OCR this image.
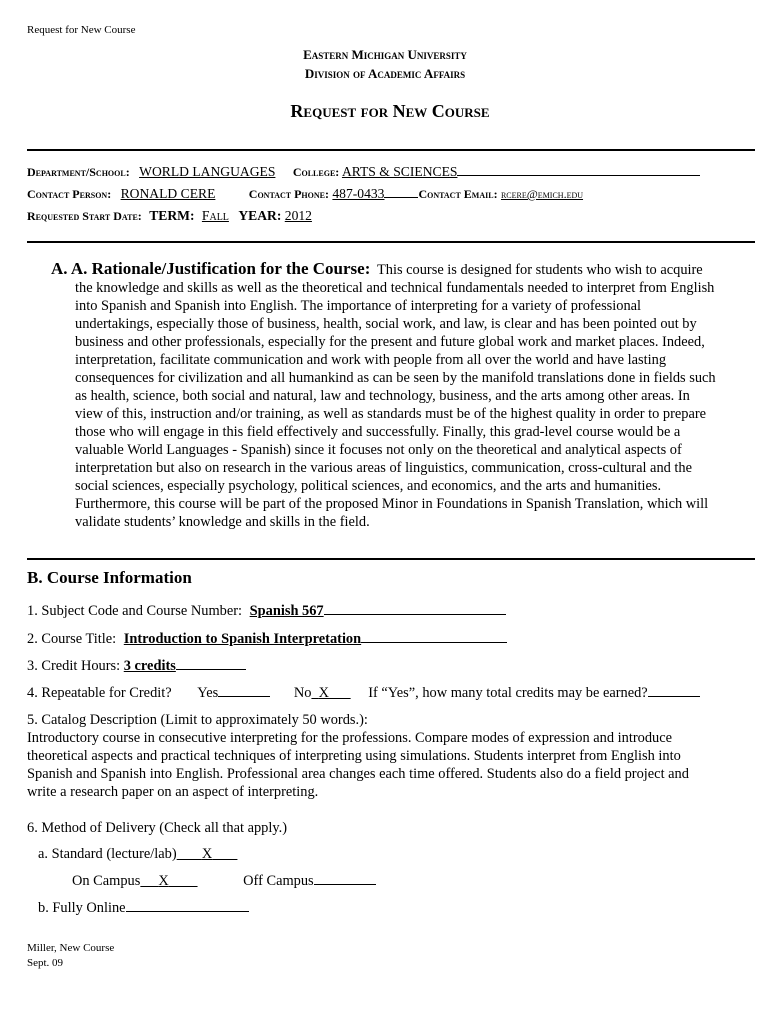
Request for New Course
Eastern Michigan University
Division of Academic Affairs
Request for New Course
Department/School: WORLD LANGUAGES College: ARTS & SCIENCES
Contact Person: RONALD CERE	Contact Phone: 487-0433	Contact Email: rcere@emich.edu
Requested Start Date: TERM: Fall YEAR: 2012
A. A. Rationale/Justification for the Course: This course is designed for students who wish to acquire
the knowledge and skills as well as the theoretical and technical fundamentals needed to interpret from English
into Spanish and Spanish into English. The importance of interpreting for a variety of professional
undertakings, especially those of business, health, social work, and law, is clear and has been pointed out by
business and other professionals, especially for the present and future global work and market places. Indeed,
interpretation, facilitate communication and work with people from all over the world and have lasting
consequences for civilization and all humankind as can be seen by the manifold translations done in fields such
as health, science, both social and natural, law and technology, business, and the arts among other areas. In
view of this, instruction and/or training, as well as standards must be of the highest quality in order to prepare
those who will engage in this field effectively and successfully. Finally, this grad-level course would be a
valuable World Languages - Spanish) since it focuses not only on the theoretical and analytical aspects of
interpretation but also on research in the various areas of linguistics, communication, cross-cultural and the
social sciences, especially psychology, political sciences, and economics, and the arts and humanities.
Furthermore, this course will be part of the proposed Minor in Foundations in Spanish Translation, which will
validate students’ knowledge and skills in the field.
B. Course Information
1. Subject Code and Course Number: Spanish 567
2. Course Title: Introduction to Spanish Interpretation
3. Credit Hours: 3 credits
4. Repeatable for Credit? Yes	No X	If “Yes”, how many total credits may be earned?
5. Catalog Description (Limit to approximately 50 words.):
Introductory course in consecutive interpreting for the professions. Compare modes of expression and introduce
theoretical aspects and practical techniques of interpreting using simulations. Students interpret from English into
Spanish and Spanish into English. Professional area changes each time offered. Students also do a field project and
write a research paper on an aspect of interpreting.
6. Method of Delivery (Check all that apply.)
a. Standard (lecture/lab) X
On Campus X	Off Campus
b. Fully Online
Miller, New Course
Sept. 09
